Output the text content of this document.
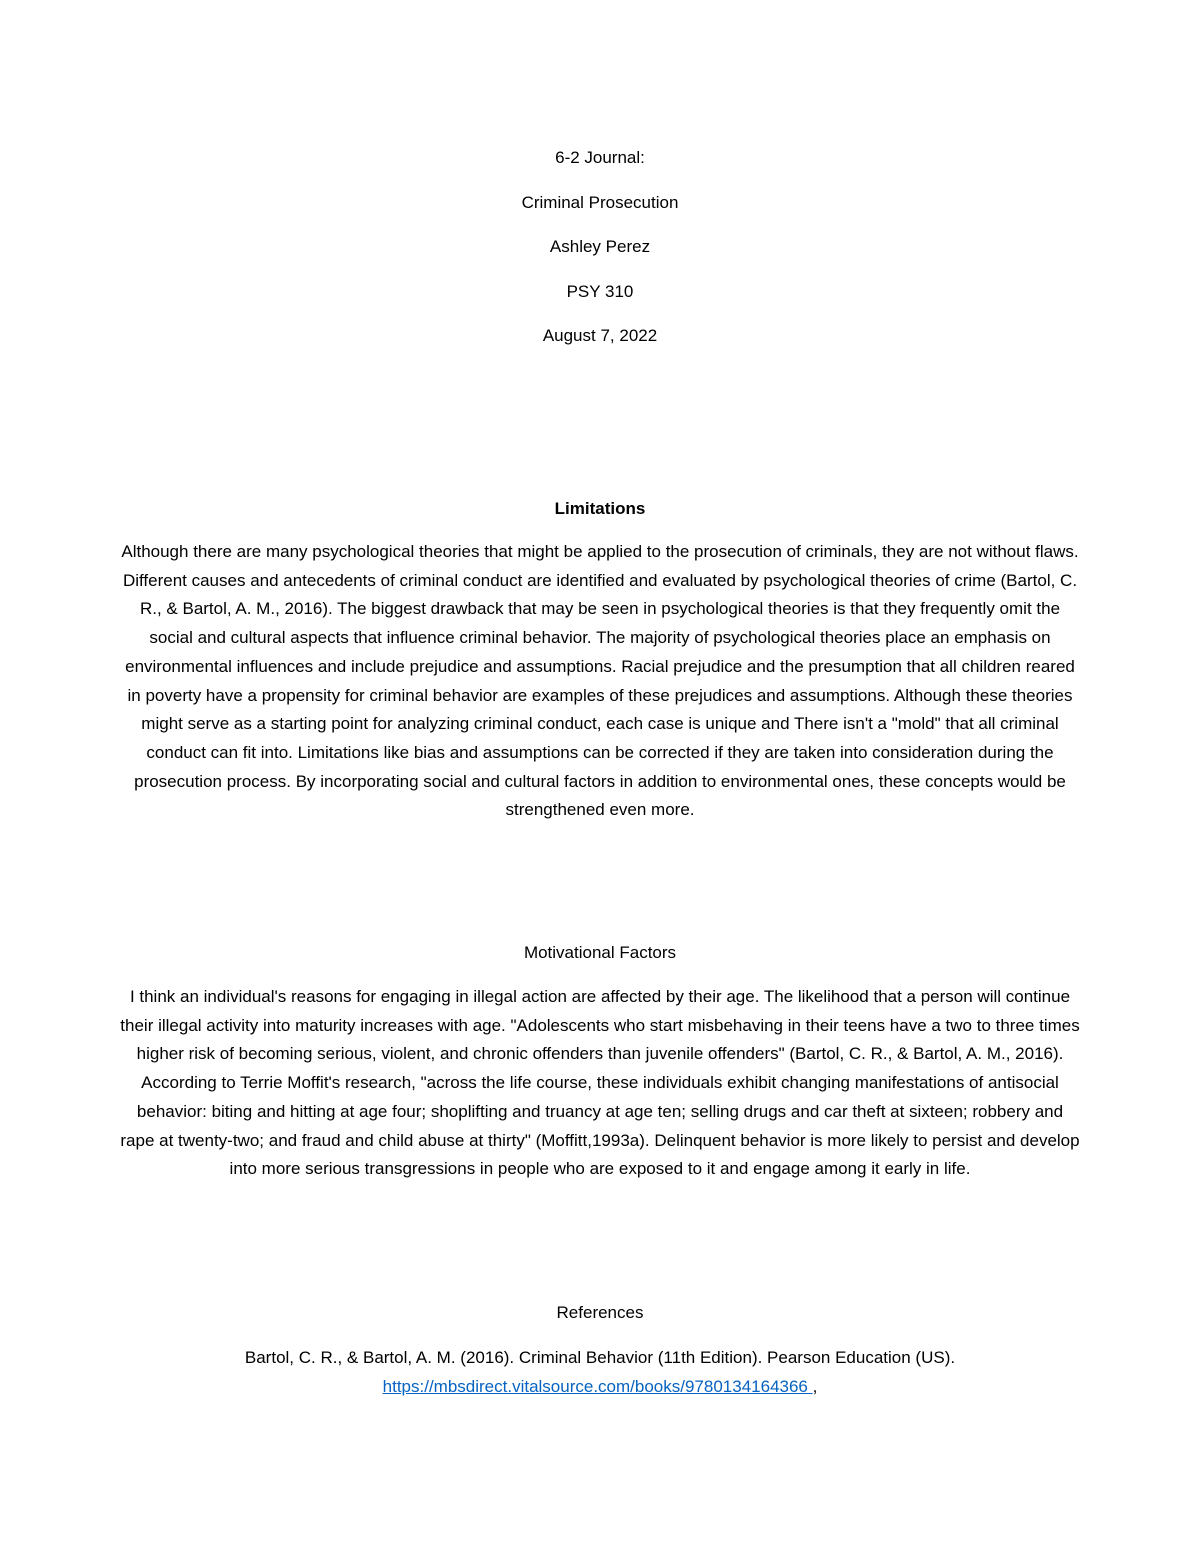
6-2 Journal:
Criminal Prosecution
Ashley Perez
PSY 310
August 7, 2022
Limitations
Although there are many psychological theories that might be applied to the prosecution of criminals, they are not without flaws. Different causes and antecedents of criminal conduct are identified and evaluated by psychological theories of crime (Bartol, C. R., & Bartol, A. M., 2016). The biggest drawback that may be seen in psychological theories is that they frequently omit the social and cultural aspects that influence criminal behavior. The majority of psychological theories place an emphasis on environmental influences and include prejudice and assumptions. Racial prejudice and the presumption that all children reared in poverty have a propensity for criminal behavior are examples of these prejudices and assumptions. Although these theories might serve as a starting point for analyzing criminal conduct, each case is unique and There isn't a "mold" that all criminal conduct can fit into. Limitations like bias and assumptions can be corrected if they are taken into consideration during the prosecution process. By incorporating social and cultural factors in addition to environmental ones, these concepts would be strengthened even more.
Motivational Factors
I think an individual's reasons for engaging in illegal action are affected by their age. The likelihood that a person will continue their illegal activity into maturity increases with age. "Adolescents who start misbehaving in their teens have a two to three times higher risk of becoming serious, violent, and chronic offenders than juvenile offenders" (Bartol, C. R., & Bartol, A. M., 2016). According to Terrie Moffit's research, "across the life course, these individuals exhibit changing manifestations of antisocial behavior: biting and hitting at age four; shoplifting and truancy at age ten; selling drugs and car theft at sixteen; robbery and rape at twenty-two; and fraud and child abuse at thirty" (Moffitt,1993a). Delinquent behavior is more likely to persist and develop into more serious transgressions in people who are exposed to it and engage among it early in life.
References
Bartol, C. R., & Bartol, A. M. (2016). Criminal Behavior (11th Edition). Pearson Education (US).
https://mbsdirect.vitalsource.com/books/9780134164366 ,
